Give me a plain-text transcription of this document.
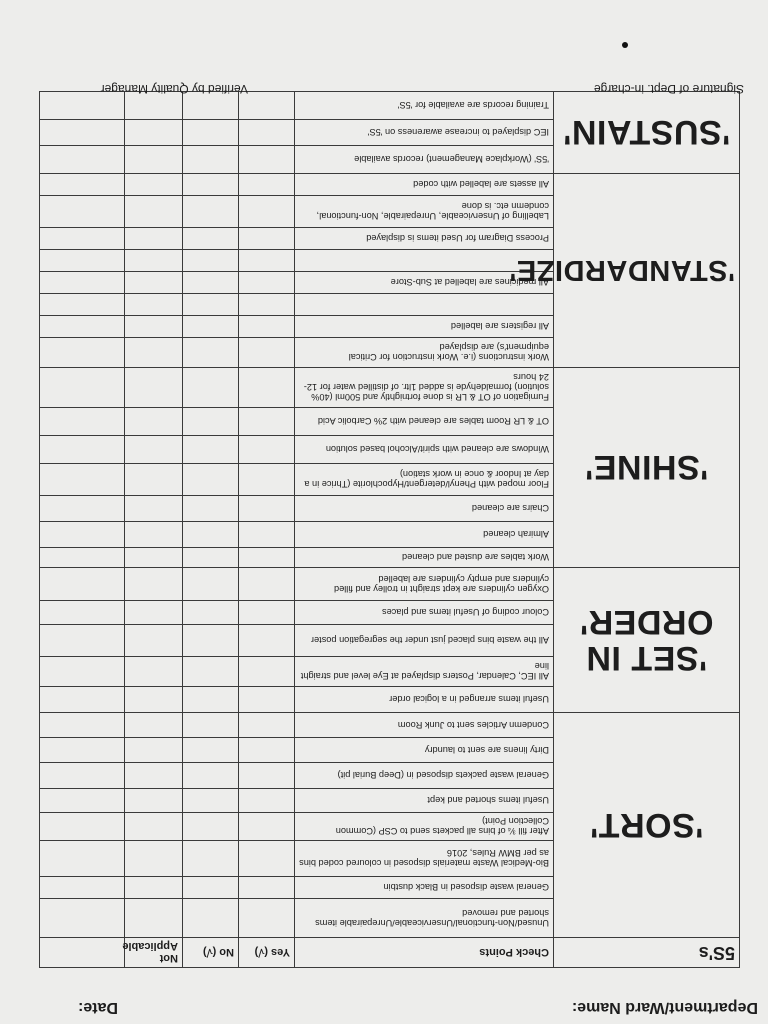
Department/Ward Name:
Date:
5S's	Check Points	Yes (√)	No (√)	Not Applicable	
'SORT'	Unused/Non-functional/Unserviceable/Unrepairable items shorted and removed				
	General waste disposed in Black dustbin				
	Bio-Medical Waste materials disposed in coloured coded bins as per BMW Rules, 2016				
	After fill ¾ of bins all packets send to CSP (Common Collection Point)				
	Useful items shorted and kept				
	General waste packets disposed in (Deep Burial pit)				
	Dirty linens are sent to laundry				
	Condemn Articles sent to Junk Room				
'SET IN ORDER'	Useful items arranged in a logical order				
	All IEC, Calendar, Posters displayed at Eye level and straight line				
	All the waste bins placed just under the segregation poster				
	Colour coding of Useful items and places				
	Oxygen cylinders are kept straight in trolley and filled cylinders and empty cylinders are labelled				
'SHINE'	Work tables are dusted and cleaned				
	Almirah cleaned				
	Chairs are cleaned				
	Floor moped with Phenyl/detergent/Hypochlorite (Thrice in a day at Indoor & once in work station)				
	Windows are cleaned with spirit/Alcohol based solution				
	OT & LR Room tables are cleaned with 2% Carbolic Acid				
	Fumigation of OT & LR is done fortnightly and 500ml (40% solution) formaldehyde is added 1ltr. of distilled water for 12-24 hours				
'STANDARDIZE'	Work instructions (i.e. Work instruction for Critical equipment's) are displayed				
	All registers are labelled				

	All medicines are labelled at Sub-Store				

	Process Diagram for Used items is displayed				
	Labelling of Unserviceable, Unrepairable, Non-functional, condemn etc. is done				
	All assets are labelled with coded				
'SUSTAIN'	'5S' (Workplace Management) records available				
	IEC displayed to increase awareness on '5S'				
	Training records are available for '5S'				
Signature of Dept. in-charge
Verified by Quality Manager
